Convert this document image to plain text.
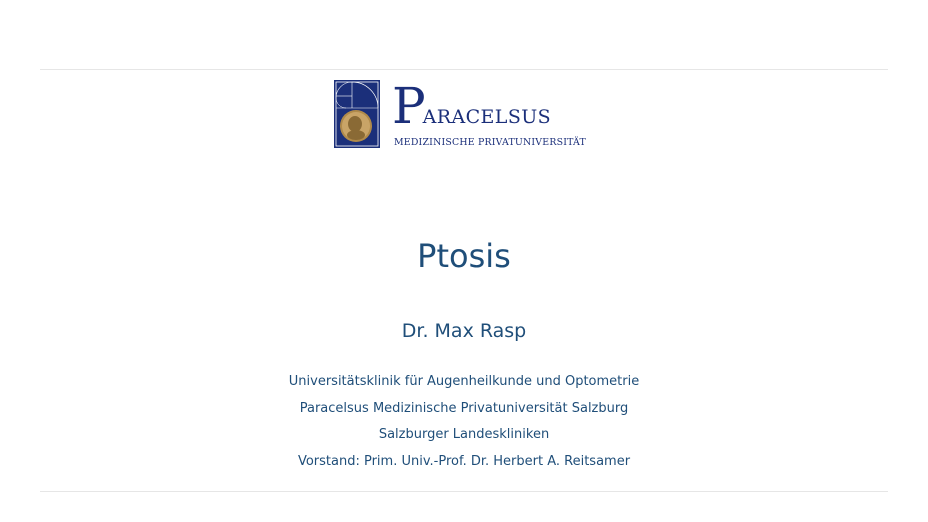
PARACELSUS
MEDIZINISCHE PRIVATUNIVERSITÄT
Ptosis
Dr. Max Rasp
Universitätsklinik für Augenheilkunde und Optometrie
Paracelsus Medizinische Privatuniversität Salzburg
Salzburger Landeskliniken
Vorstand: Prim. Univ.-Prof. Dr. Herbert A. Reitsamer
